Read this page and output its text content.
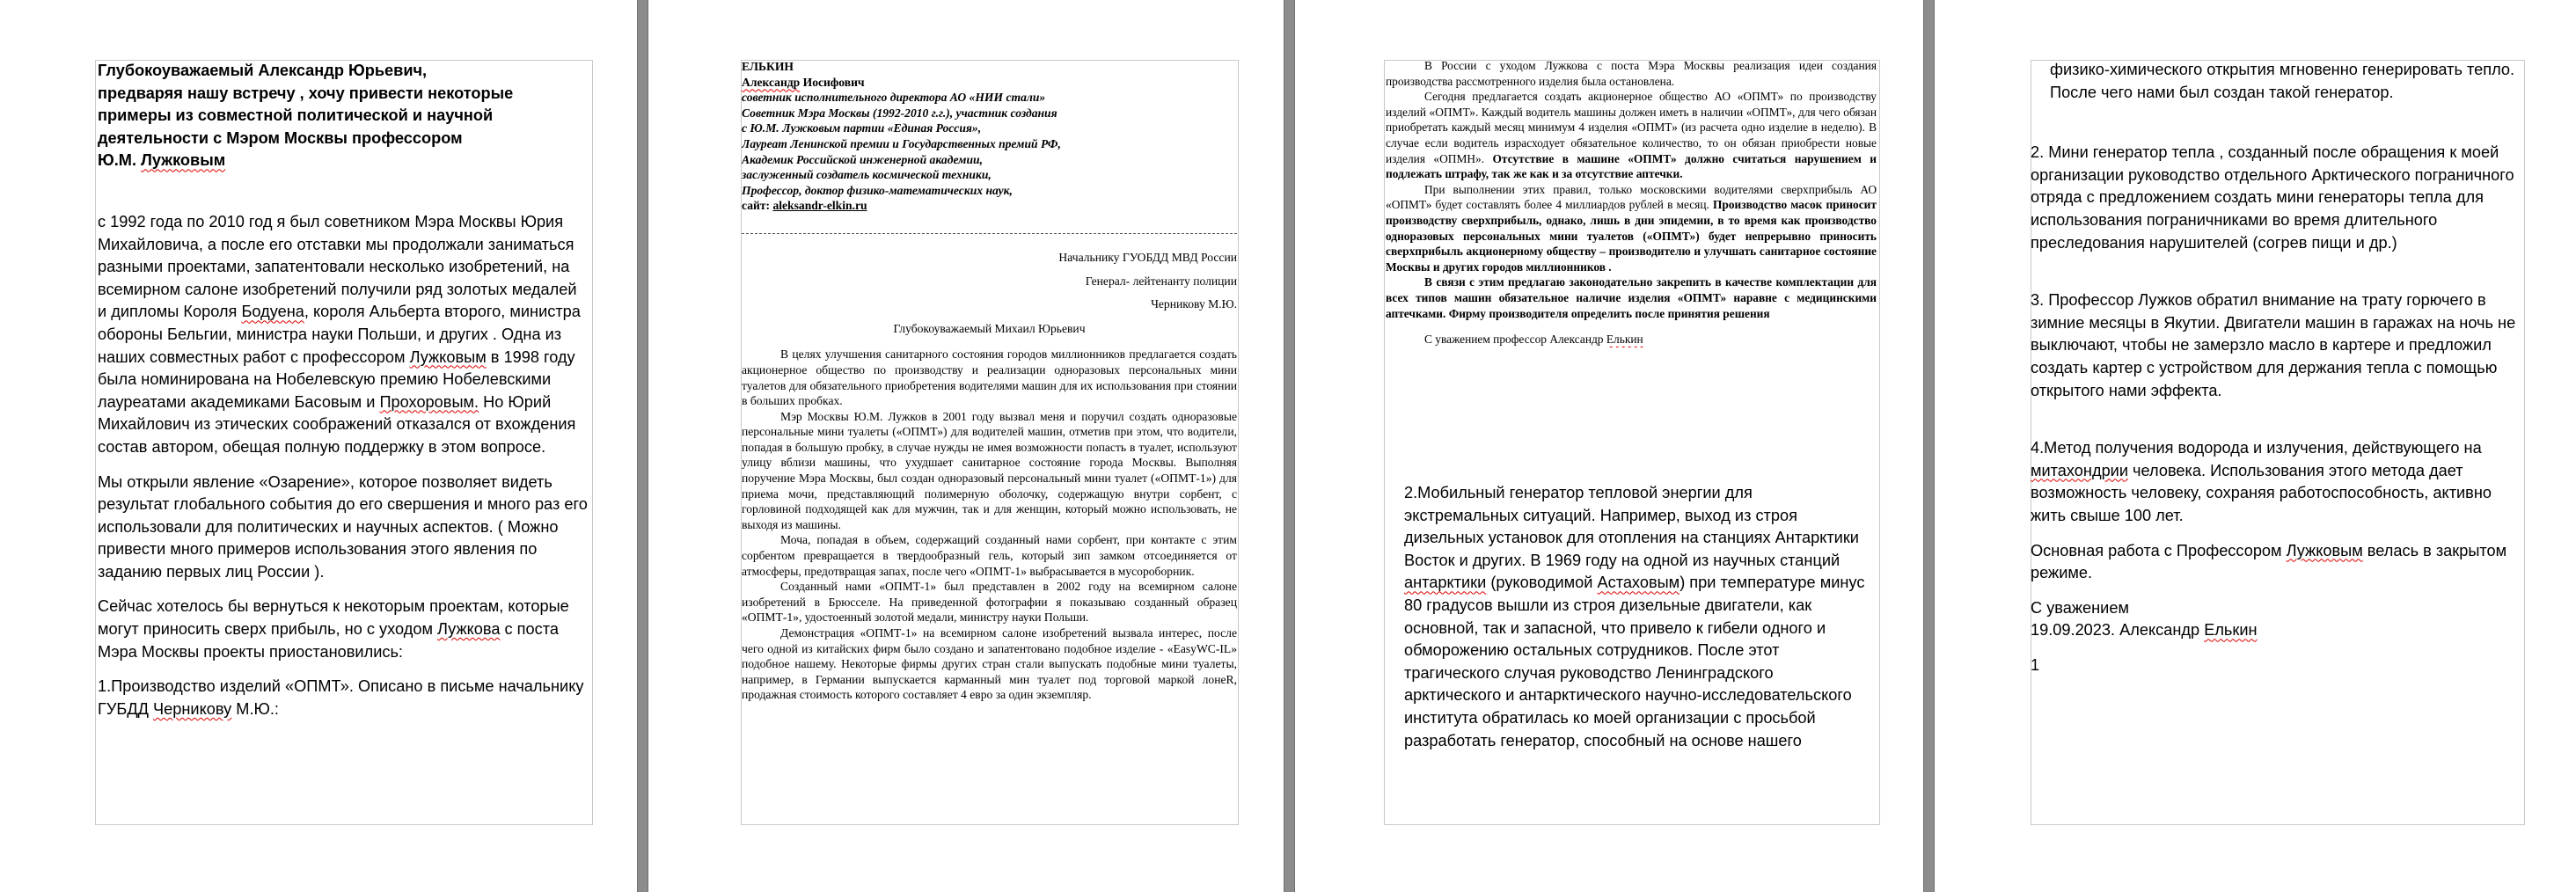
Глубокоуважаемый Александр Юрьевич,
предваряя нашу встречу , хочу привести некоторые
примеры из совместной политической и научной
деятельности с Мэром Москвы профессором
Ю.М. Лужковым

с 1992 года по 2010 год я был советником Мэра Москвы Юрия Михайловича, а после его отставки мы продолжали заниматься разными проектами, запатентовали несколько изобретений, на всемирном салоне изобретений получили ряд золотых медалей и дипломы Короля Бодуена, короля Альберта второго, министра обороны Бельгии, министра науки Польши, и других . Одна из наших совместных работ с профессором Лужковым в 1998 году была номинирована на Нобелевскую премию Нобелевскими лауреатами академиками Басовым и Прохоровым. Но Юрий Михайлович из этических соображений отказался от вхождения состав автором, обещая полную поддержку в этом вопросе.

Мы открыли явление «Озарение», которое позволяет видеть результат глобального события до его свершения и много раз его использовали для политических и научных аспектов. ( Можно привести много примеров использования этого явления по заданию первых лиц России ).

Сейчас хотелось бы вернуться к некоторым проектам, которые могут приносить сверх прибыль, но с уходом Лужкова с поста Мэра Москвы проекты приостановились:

1.Производство изделий «ОПМТ». Описано в письме начальнику ГУБДД Черникову М.Ю.:

ЕЛЬКИН
Александр Иосифович
советник исполнительного директора АО «НИИ стали»
Советник Мэра Москвы (1992-2010 г.г.), участник создания
с Ю.М. Лужковым партии «Единая Россия»,
Лауреат Ленинской премии и Государственных премий РФ,
Академик Российской инженерной академии,
заслуженный создатель космической техники,
Профессор, доктор физико-математических наук,
сайт: aleksandr-elkin.ru

Начальнику ГУОБДД МВД России

Генерал- лейтенанту полиции

Черникову М.Ю.

Глубокоуважаемый Михаил Юрьевич

В целях улучшения санитарного состояния городов миллионников предлагается создать акционерное общество по производству и реализации одноразовых персональных мини туалетов для обязательного приобретения водителями машин для их использования при стоянии в больших пробках.

Мэр Москвы Ю.М. Лужков в 2001 году вызвал меня и поручил создать одноразовые персональные мини туалеты («ОПМТ») для водителей машин, отметив при этом, что водители, попадая в большую пробку, в случае нужды не имея возможности попасть в туалет, используют улицу вблизи машины, что ухудшает санитарное состояние города Москвы. Выполняя поручение Мэра Москвы, был создан одноразовый персональный мини туалет («ОПМТ-1») для приема мочи, представляющий полимерную оболочку, содержащую внутри сорбент, с горловиной подходящей как для мужчин, так и для женщин, который можно использовать, не выходя из машины.

Моча, попадая в объем, содержащий созданный нами сорбент, при контакте с этим сорбентом превращается в твердообразный гель, который зип замком отсоединяется от атмосферы, предотвращая запах, после чего «ОПМТ-1» выбрасывается в мусороборник.

Созданный нами «ОПМТ-1» был представлен в 2002 году на всемирном салоне изобретений в Брюсселе. На приведенной фотографии я показываю созданный образец «ОПМТ-1», удостоенный золотой медали, министру науки Польши.

Демонстрация «ОПМТ-1» на всемирном салоне изобретений вызвала интерес, после чего одной из китайских фирм было создано и запатентовано подобное изделие - «EasyWC-IL» подобное нашему. Некоторые фирмы других стран стали выпускать подобные мини туалеты, например, в Германии выпускается карманный мин туалет под торговой маркой лонеR, продажная стоимость которого составляет 4 евро за один экземпляр.

В России с уходом Лужкова с поста Мэра Москвы реализация идеи создания производства рассмотренного изделия была остановлена.

Сегодня предлагается создать акционерное общество АО «ОПМТ» по производству изделий «ОПМТ». Каждый водитель машины должен иметь в наличии «ОПМТ», для чего обязан приобретать каждый месяц минимум 4 изделия «ОПМТ» (из расчета одно изделие в неделю). В случае если водитель израсходует обязательное количество, то он обязан приобрести новые изделия «ОПМН». Отсутствие в машине «ОПМТ» должно считаться нарушением и подлежать штрафу, так же как и за отсутствие аптечки.

При выполнении этих правил, только московскими водителями сверхприбыль АО «ОПМТ» будет составлять более 4 миллиардов рублей в месяц. Производство масок приносит производству сверхприбыль, однако, лишь в дни эпидемии, в то время как производство одноразовых персональных мини туалетов («ОПМТ») будет непрерывно приносить сверхприбыль акционерному обществу – производителю и улучшать санитарное состояние Москвы и других городов миллионников .

В связи с этим предлагаю законодательно закрепить в качестве комплектации для всех типов машин обязательное наличие изделия «ОПМТ» наравне с медицинскими аптечками. Фирму производителя определить после принятия решения

С уважением профессор Александр Елькин

2.Мобильный генератор тепловой энергии для экстремальных ситуаций. Например, выход из строя дизельных установок для отопления на станциях Антарктики Восток и других. В 1969 году на одной из научных станций антарктики (руководимой Астаховым) при температуре минус 80 градусов вышли из строя дизельные двигатели, как основной, так и запасной, что привело к гибели одного и обморожению остальных сотрудников. После этот трагического случая руководство Ленинградского арктического и антарктического научно-исследовательского института обратилась ко моей организации с просьбой разработать генератор, способный на основе нашего

физико-химического открытия мгновенно генерировать тепло. После чего нами был создан такой генератор.

2. Мини генератор тепла , созданный после обращения к моей организации руководство отдельного Арктического пограничного отряда с предложением создать мини генераторы тепла для использования пограничниками во время длительного преследования нарушителей (согрев пищи и др.)

3. Профессор Лужков обратил внимание на трату горючего в зимние месяцы в Якутии. Двигатели машин в гаражах на ночь не выключают, чтобы не замерзло масло в картере и предложил создать картер с устройством для держания тепла с помощью открытого нами эффекта.

4.Метод получения водорода и излучения, действующего на митахондрии человека. Использования этого метода дает возможность человеку, сохраняя работоспособность, активно жить свыше 100 лет.

Основная работа с Профессором Лужковым велась в закрытом режиме.

С уважением

19.09.2023. Александр Елькин

1
